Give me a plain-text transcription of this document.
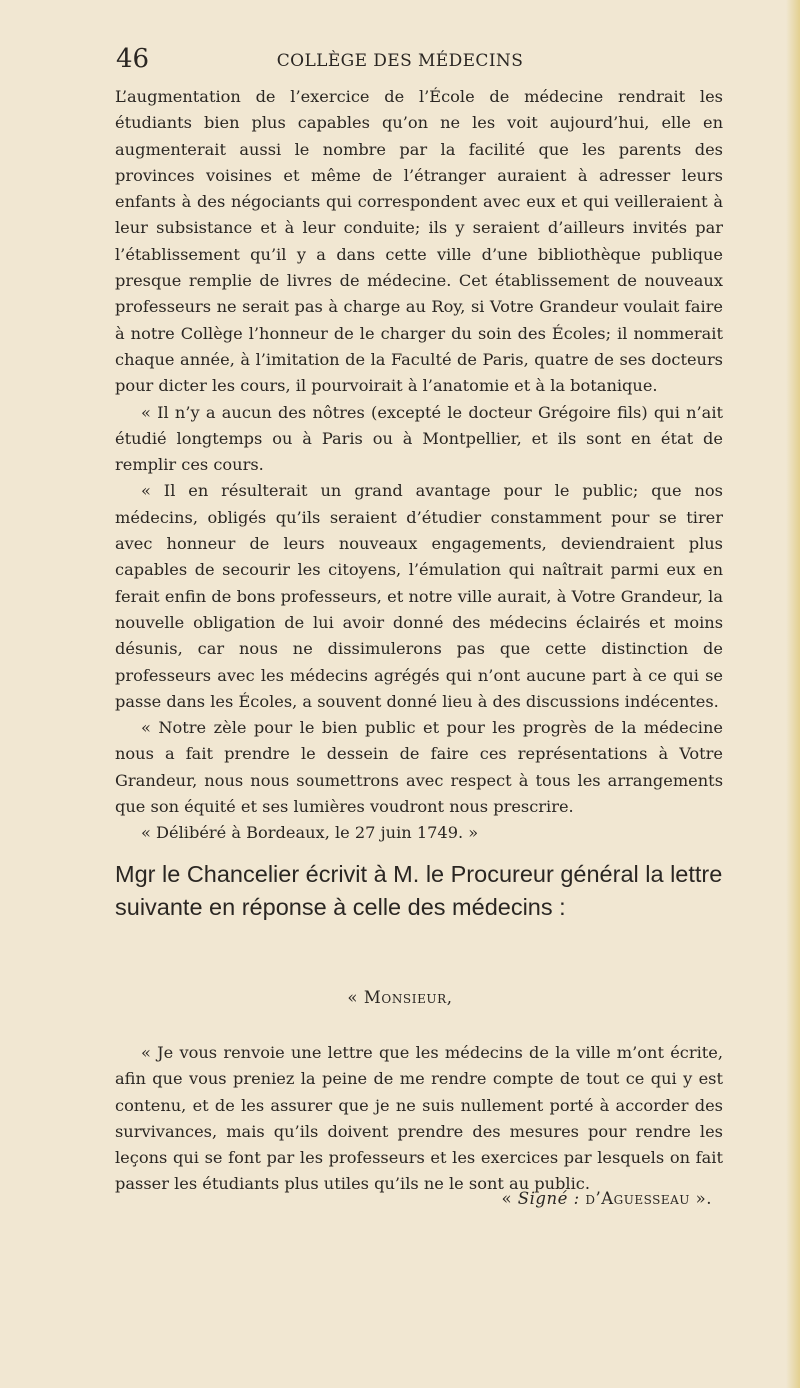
46	COLLÈGE DES MÉDECINS

L’augmentation de l’exercice de l’École de médecine rendrait les étudiants bien plus capables qu’on ne les voit aujourd’hui, elle en augmenterait aussi le nombre par la facilité que les parents des provinces voisines et même de l’étranger auraient à adresser leurs enfants à des négociants qui correspondent avec eux et qui veilleraient à leur subsistance et à leur conduite; ils y seraient d’ailleurs invités par l’établissement qu’il y a dans cette ville d’une bibliothèque publique presque remplie de livres de médecine. Cet établissement de nouveaux professeurs ne serait pas à charge au Roy, si Votre Grandeur voulait faire à notre Collège l’honneur de le charger du soin des Écoles; il nommerait chaque année, à l’imitation de la Faculté de Paris, quatre de ses docteurs pour dicter les cours, il pourvoirait à l’anatomie et à la botanique.

« Il n’y a aucun des nôtres (excepté le docteur Grégoire fils) qui n’ait étudié longtemps ou à Paris ou à Montpellier, et ils sont en état de remplir ces cours.

« Il en résulterait un grand avantage pour le public; que nos médecins, obligés qu’ils seraient d’étudier constamment pour se tirer avec honneur de leurs nouveaux engagements, deviendraient plus capables de secourir les citoyens, l’émulation qui naîtrait parmi eux en ferait enfin de bons professeurs, et notre ville aurait, à Votre Grandeur, la nouvelle obligation de lui avoir donné des médecins éclairés et moins désunis, car nous ne dissimulerons pas que cette distinction de professeurs avec les médecins agrégés qui n’ont aucune part à ce qui se passe dans les Écoles, a souvent donné lieu à des discussions indécentes.

« Notre zèle pour le bien public et pour les progrès de la médecine nous a fait prendre le dessein de faire ces représentations à Votre Grandeur, nous nous soumettrons avec respect à tous les arrangements que son équité et ses lumières voudront nous prescrire.

« Délibéré à Bordeaux, le 27 juin 1749. »

Mgr le Chancelier écrivit à M. le Procureur général la lettre suivante en réponse à celle des médecins :

« Monsieur,

« Je vous renvoie une lettre que les médecins de la ville m’ont écrite, afin que vous preniez la peine de me rendre compte de tout ce qui y est contenu, et de les assurer que je ne suis nullement porté à accorder des survivances, mais qu’ils doivent prendre des mesures pour rendre les leçons qui se font par les professeurs et les exercices par lesquels on fait passer les étudiants plus utiles qu’ils ne le sont au public.

« Signé : d’Aguesseau ».
